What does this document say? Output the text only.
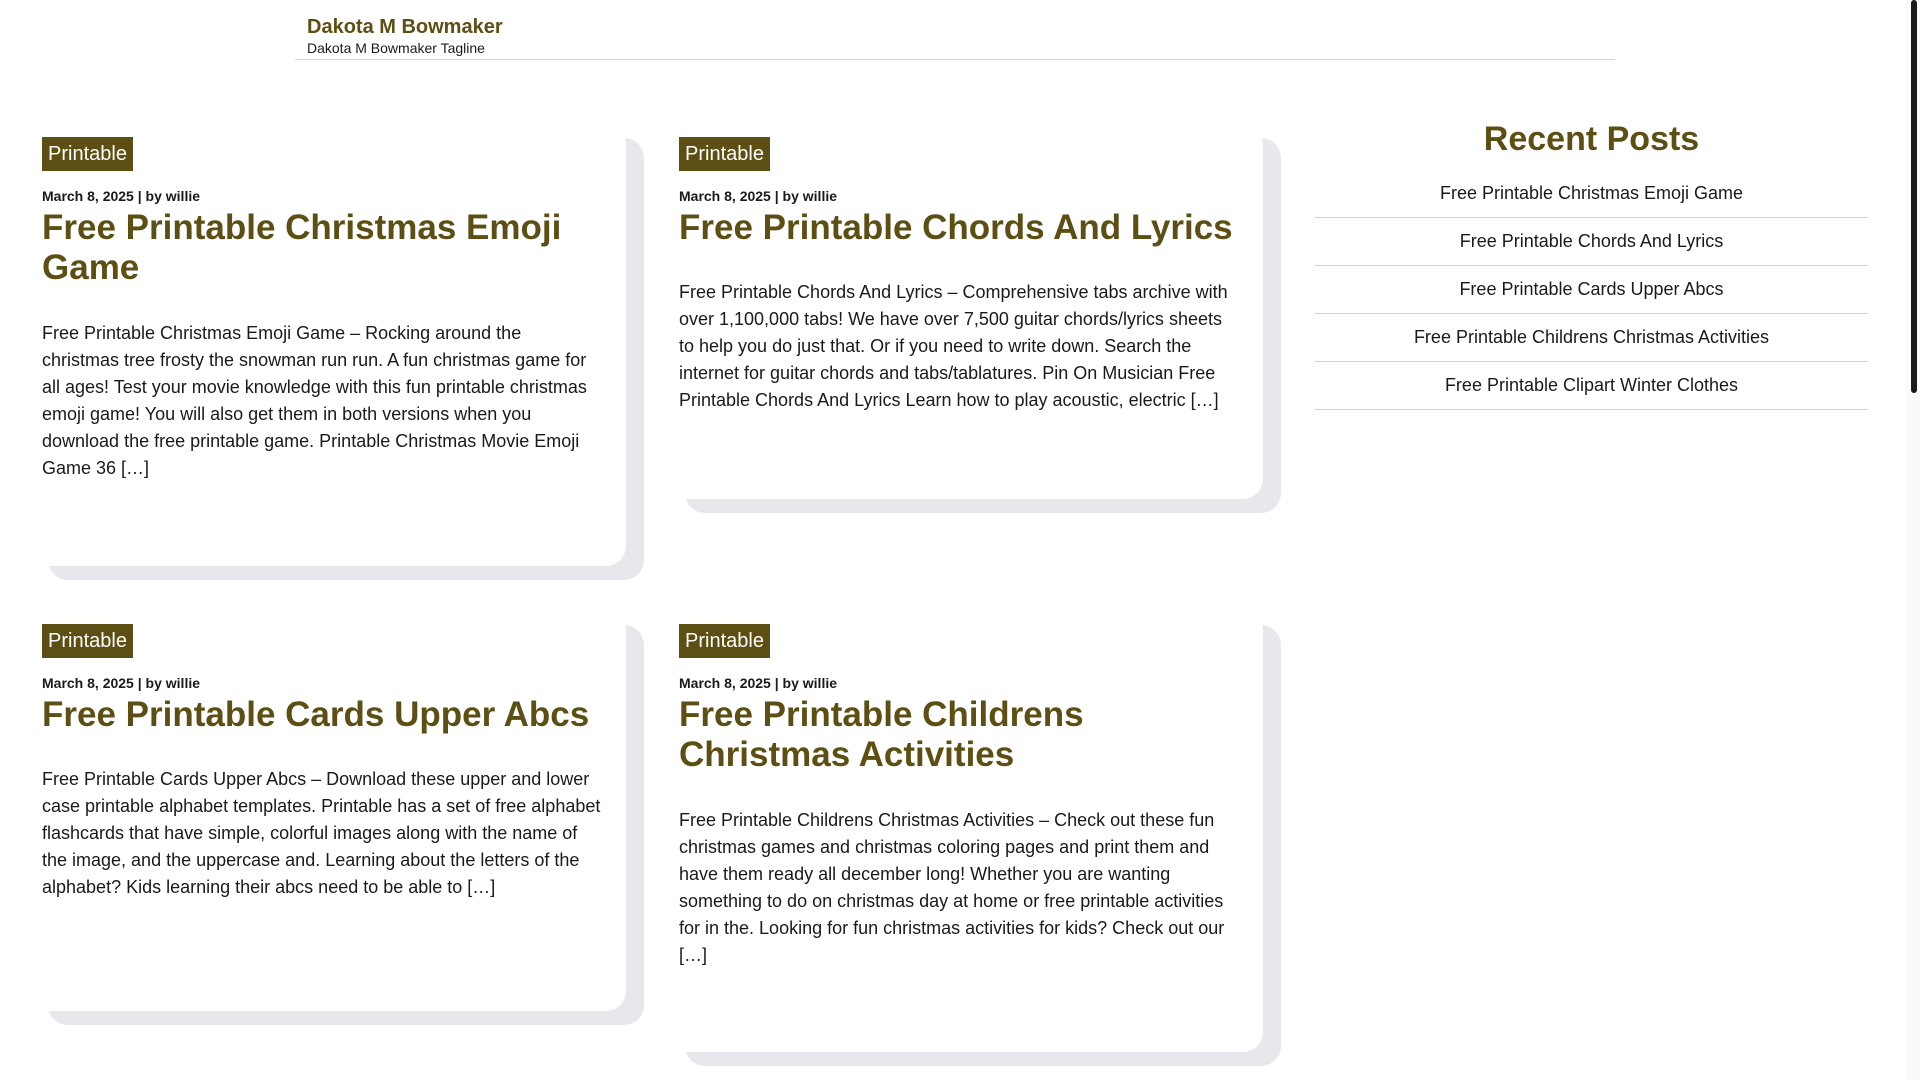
Dakota M Bowmaker
Dakota M Bowmaker Tagline
Printable
March 8, 2025 | by willie
Free Printable Christmas Emoji Game

Free Printable Christmas Emoji Game – Rocking around the christmas tree frosty the snowman run run. A fun christmas game for all ages! Test your movie knowledge with this fun printable christmas emoji game! You will also get them in both versions when you download the free printable game. Printable Christmas Movie Emoji Game 36 […]

Printable
March 8, 2025 | by willie
Free Printable Chords And Lyrics

Free Printable Chords And Lyrics – Comprehensive tabs archive with over 1,100,000 tabs! We have over 7,500 guitar chords/lyrics sheets to help you do just that. Or if you need to write down. Search the internet for guitar chords and tabs/tablatures. Pin On Musician Free Printable Chords And Lyrics Learn how to play acoustic, electric […]

Printable
March 8, 2025 | by willie
Free Printable Cards Upper Abcs

Free Printable Cards Upper Abcs – Download these upper and lower case printable alphabet templates. Printable has a set of free alphabet flashcards that have simple, colorful images along with the name of the image, and the uppercase and. Learning about the letters of the alphabet? Kids learning their abcs need to be able to […]

Printable
March 8, 2025 | by willie
Free Printable Childrens Christmas Activities

Free Printable Childrens Christmas Activities – Check out these fun christmas games and christmas coloring pages and print them and have them ready all december long! Whether you are wanting something to do on christmas day at home or free printable activities for in the. Looking for fun christmas activities for kids? Check out our […]

Recent Posts
Free Printable Christmas Emoji Game
Free Printable Chords And Lyrics
Free Printable Cards Upper Abcs
Free Printable Childrens Christmas Activities
Free Printable Clipart Winter Clothes
